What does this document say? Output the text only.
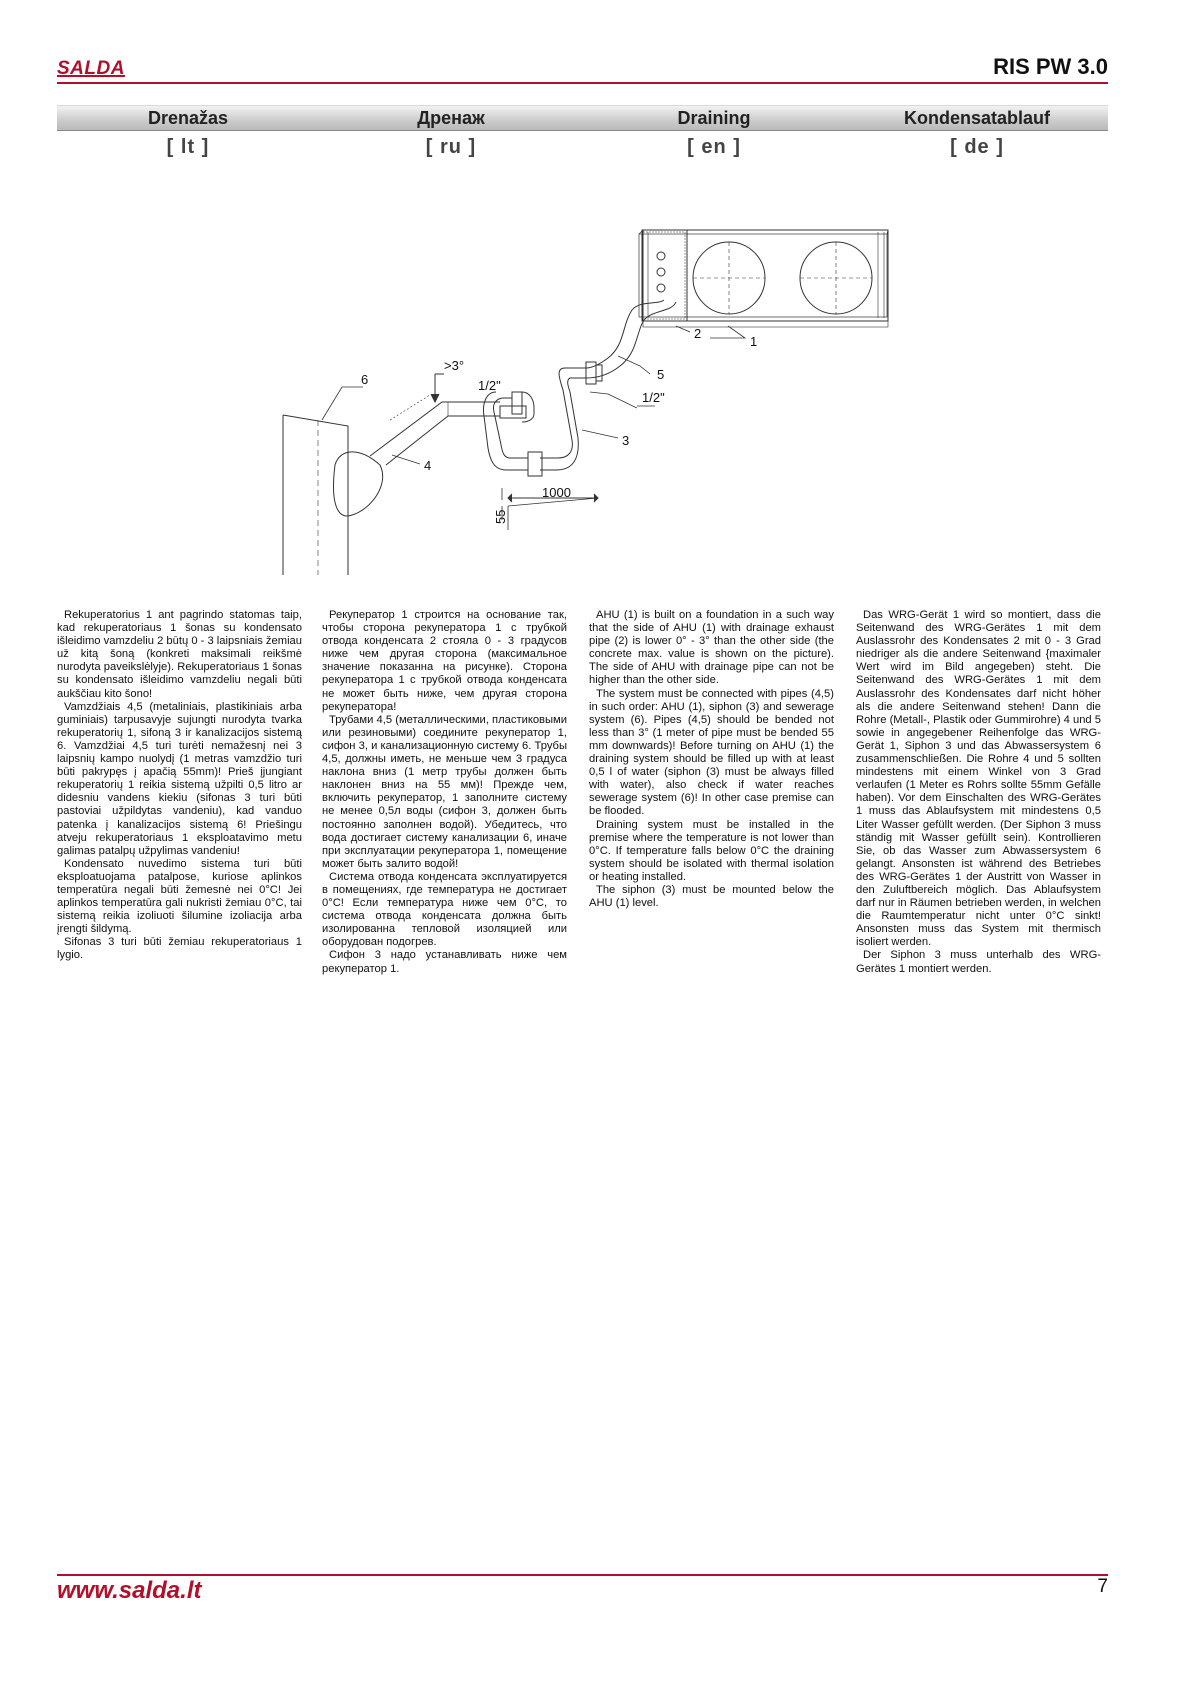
SALDA	RIS PW 3.0
Drenažas	Дренаж	Draining	Kondensatablauf
[ lt ]	[ ru ]	[ en ]	[ de ]
1
2
3
4
5
6
>3°
1/2"
1/2"
1000
55

Rekuperatorius 1 ant pagrindo statomas taip, kad rekuperatoriaus 1 šonas su kondensato išleidimo vamzdeliu 2 būtų 0 - 3 laipsniais žemiau už kitą šoną (konkreti maksimali reikšmė nurodyta paveikslėlyje). Rekuperatoriaus 1 šonas su kondensato išleidimo vamzdeliu negali būti aukščiau kito šono!

Vamzdžiais 4,5 (metaliniais, plastikiniais arba guminiais) tarpusavyje sujungti nurodyta tvarka rekuperatorių 1, sifoną 3 ir kanalizacijos sistemą 6. Vamzdžiai 4,5 turi turėti nemažesnį nei 3 laipsnių kampo nuolydį (1 metras vamzdžio turi būti pakrypęs į apačią 55mm)! Prieš įjungiant rekuperatorių 1 reikia sistemą užpilti 0,5 litro ar didesniu vandens kiekiu (sifonas 3 turi būti pastoviai užpildytas vandeniu), kad vanduo patenka į kanalizacijos sistemą 6! Priešingu atveju rekuperatoriaus 1 eksploatavimo metu galimas patalpų užpylimas vandeniu!

Kondensato nuvedimo sistema turi būti eksploatuojama patalpose, kuriose aplinkos temperatūra negali būti žemesnė nei 0°C! Jei aplinkos temperatūra gali nukristi žemiau 0°C, tai sistemą reikia izoliuoti šilumine izoliacija arba įrengti šildymą.

Sifonas 3 turi būti žemiau rekuperatoriaus 1 lygio.

Рекуператор 1 строится на основание так, чтобы сторона рекуператора 1 с трубкой отвода конденсата 2 стояла 0 - 3 градусов ниже чем другая сторона (максимальное значение показанна на рисунке). Сторона рекуператора 1 с трубкой отвода конденсата не может быть ниже, чем другая сторона рекуператора!

Трубами 4,5 (металлическими, пластиковыми или резиновыми) соедините рекуператор 1, сифон 3, и канализационную систему 6. Трубы 4,5, должны иметь, не меньше чем 3 градуса наклона вниз (1 метр трубы должен быть наклонен вниз на 55 мм)! Прежде чем, включить рекуператор, 1 заполните систему не менее 0,5л воды (сифон 3, должен быть постоянно заполнен водой). Убедитесь, что вода достигает систему канализации 6, иначе при эксплуатации рекуператора 1, помещение может быть залито водой!

Система отвода конденсата эксплуатируется в помещениях, где температура не достигает 0°C! Если температура ниже чем 0°C, то система отвода конденсата должна быть изолированна тепловой изоляцией или оборудован подогрев.

Сифон 3 надо устанавливать ниже чем рекуператор 1.

AHU (1) is built on a foundation in a such way that the side of AHU (1) with drainage exhaust pipe (2) is lower 0° - 3° than the other side (the concrete max. value is shown on the picture). The side of AHU with drainage pipe can not be higher than the other side.

The system must be connected with pipes (4,5) in such order: AHU (1), siphon (3) and sewerage system (6). Pipes (4,5) should be bended not less than 3° (1 meter of pipe must be bended 55 mm downwards)! Before turning on AHU (1) the draining system should be filled up with at least 0,5 l of water (siphon (3) must be always filled with water), also check if water reaches sewerage system (6)! In other case premise can be flooded.

Draining system must be installed in the premise where the temperature is not lower than 0°C. If temperature falls below 0°C the draining system should be isolated with thermal isolation or heating installed.

The siphon (3) must be mounted below the AHU (1) level.

Das WRG-Gerät 1 wird so montiert, dass die Seitenwand des WRG-Gerätes 1 mit dem Auslassrohr des Kondensates 2 mit 0 - 3 Grad niedriger als die andere Seitenwand {maximaler Wert wird im Bild angegeben) steht. Die Seitenwand des WRG-Gerätes 1 mit dem Auslassrohr des Kondensates darf nicht höher als die andere Seitenwand stehen! Dann die Rohre (Metall-, Plastik oder Gummirohre) 4 und 5 sowie in angegebener Reihenfolge das WRG-Gerät 1, Siphon 3 und das Abwassersystem 6 zusammenschließen. Die Rohre 4 und 5 sollten mindestens mit einem Winkel von 3 Grad verlaufen (1 Meter es Rohrs sollte 55mm Gefälle haben). Vor dem Einschalten des WRG-Gerätes 1 muss das Ablaufsystem mit mindestens 0,5 Liter Wasser gefüllt werden. (Der Siphon 3 muss ständig mit Wasser gefüllt sein). Kontrollieren Sie, ob das Wasser zum Abwassersystem 6 gelangt. Ansonsten ist während des Betriebes des WRG-Gerätes 1 der Austritt von Wasser in den Zuluftbereich möglich. Das Ablaufsystem darf nur in Räumen betrieben werden, in welchen die Raumtemperatur nicht unter 0°C sinkt! Ansonsten muss das System mit thermisch isoliert werden.

Der Siphon 3 muss unterhalb des WRG-Gerätes 1 montiert werden.

www.salda.lt	7
